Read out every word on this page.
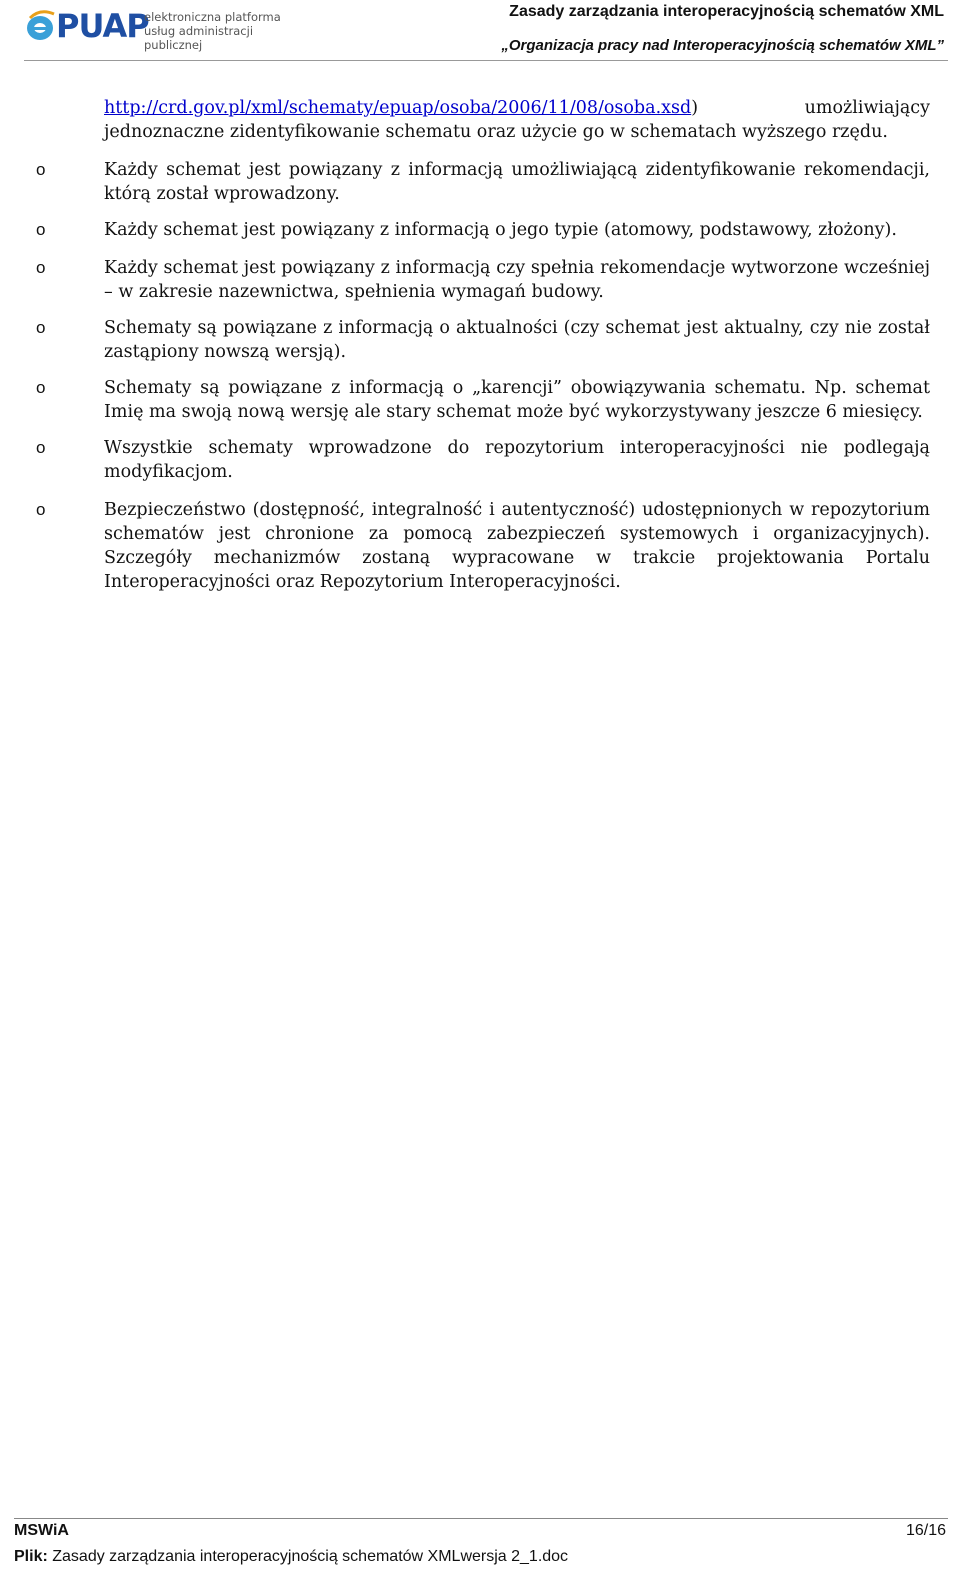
PUAP
elektroniczna platforma
usług administracji publicznej
Zasady zarządzania interoperacyjnością schematów XML
„Organizacja pracy nad Interoperacyjnością schematów XML”

http://crd.gov.pl/xml/schematy/epuap/osoba/2006/11/08/osoba.xsd) umożliwiający jednoznaczne zidentyfikowanie schematu oraz użycie go w schematach wyższego rzędu.

o	Każdy schemat jest powiązany z informacją umożliwiającą zidentyfikowanie rekomendacji, którą został wprowadzony.

o	Każdy schemat jest powiązany z informacją o jego typie (atomowy, podstawowy, złożony).

o	Każdy schemat jest powiązany z informacją czy spełnia rekomendacje wytworzone wcześniej – w zakresie nazewnictwa, spełnienia wymagań budowy.

o	Schematy są powiązane z informacją o aktualności (czy schemat jest aktualny, czy nie został zastąpiony nowszą wersją).

o	Schematy są powiązane z informacją o „karencji” obowiązywania schematu. Np. schemat Imię ma swoją nową wersję ale stary schemat może być wykorzystywany jeszcze 6 miesięcy.

o	Wszystkie schematy wprowadzone do repozytorium interoperacyjności nie podlegają modyfikacjom.

o	Bezpieczeństwo (dostępność, integralność i autentyczność) udostępnionych w repozytorium schematów jest chronione za pomocą zabezpieczeń systemowych i organizacyjnych). Szczegóły mechanizmów zostaną wypracowane w trakcie projektowania Portalu Interoperacyjności oraz Repozytorium Interoperacyjności.

MSWiA	16/16
Plik: Zasady zarządzania interoperacyjnością schematów XMLwersja 2_1.doc
